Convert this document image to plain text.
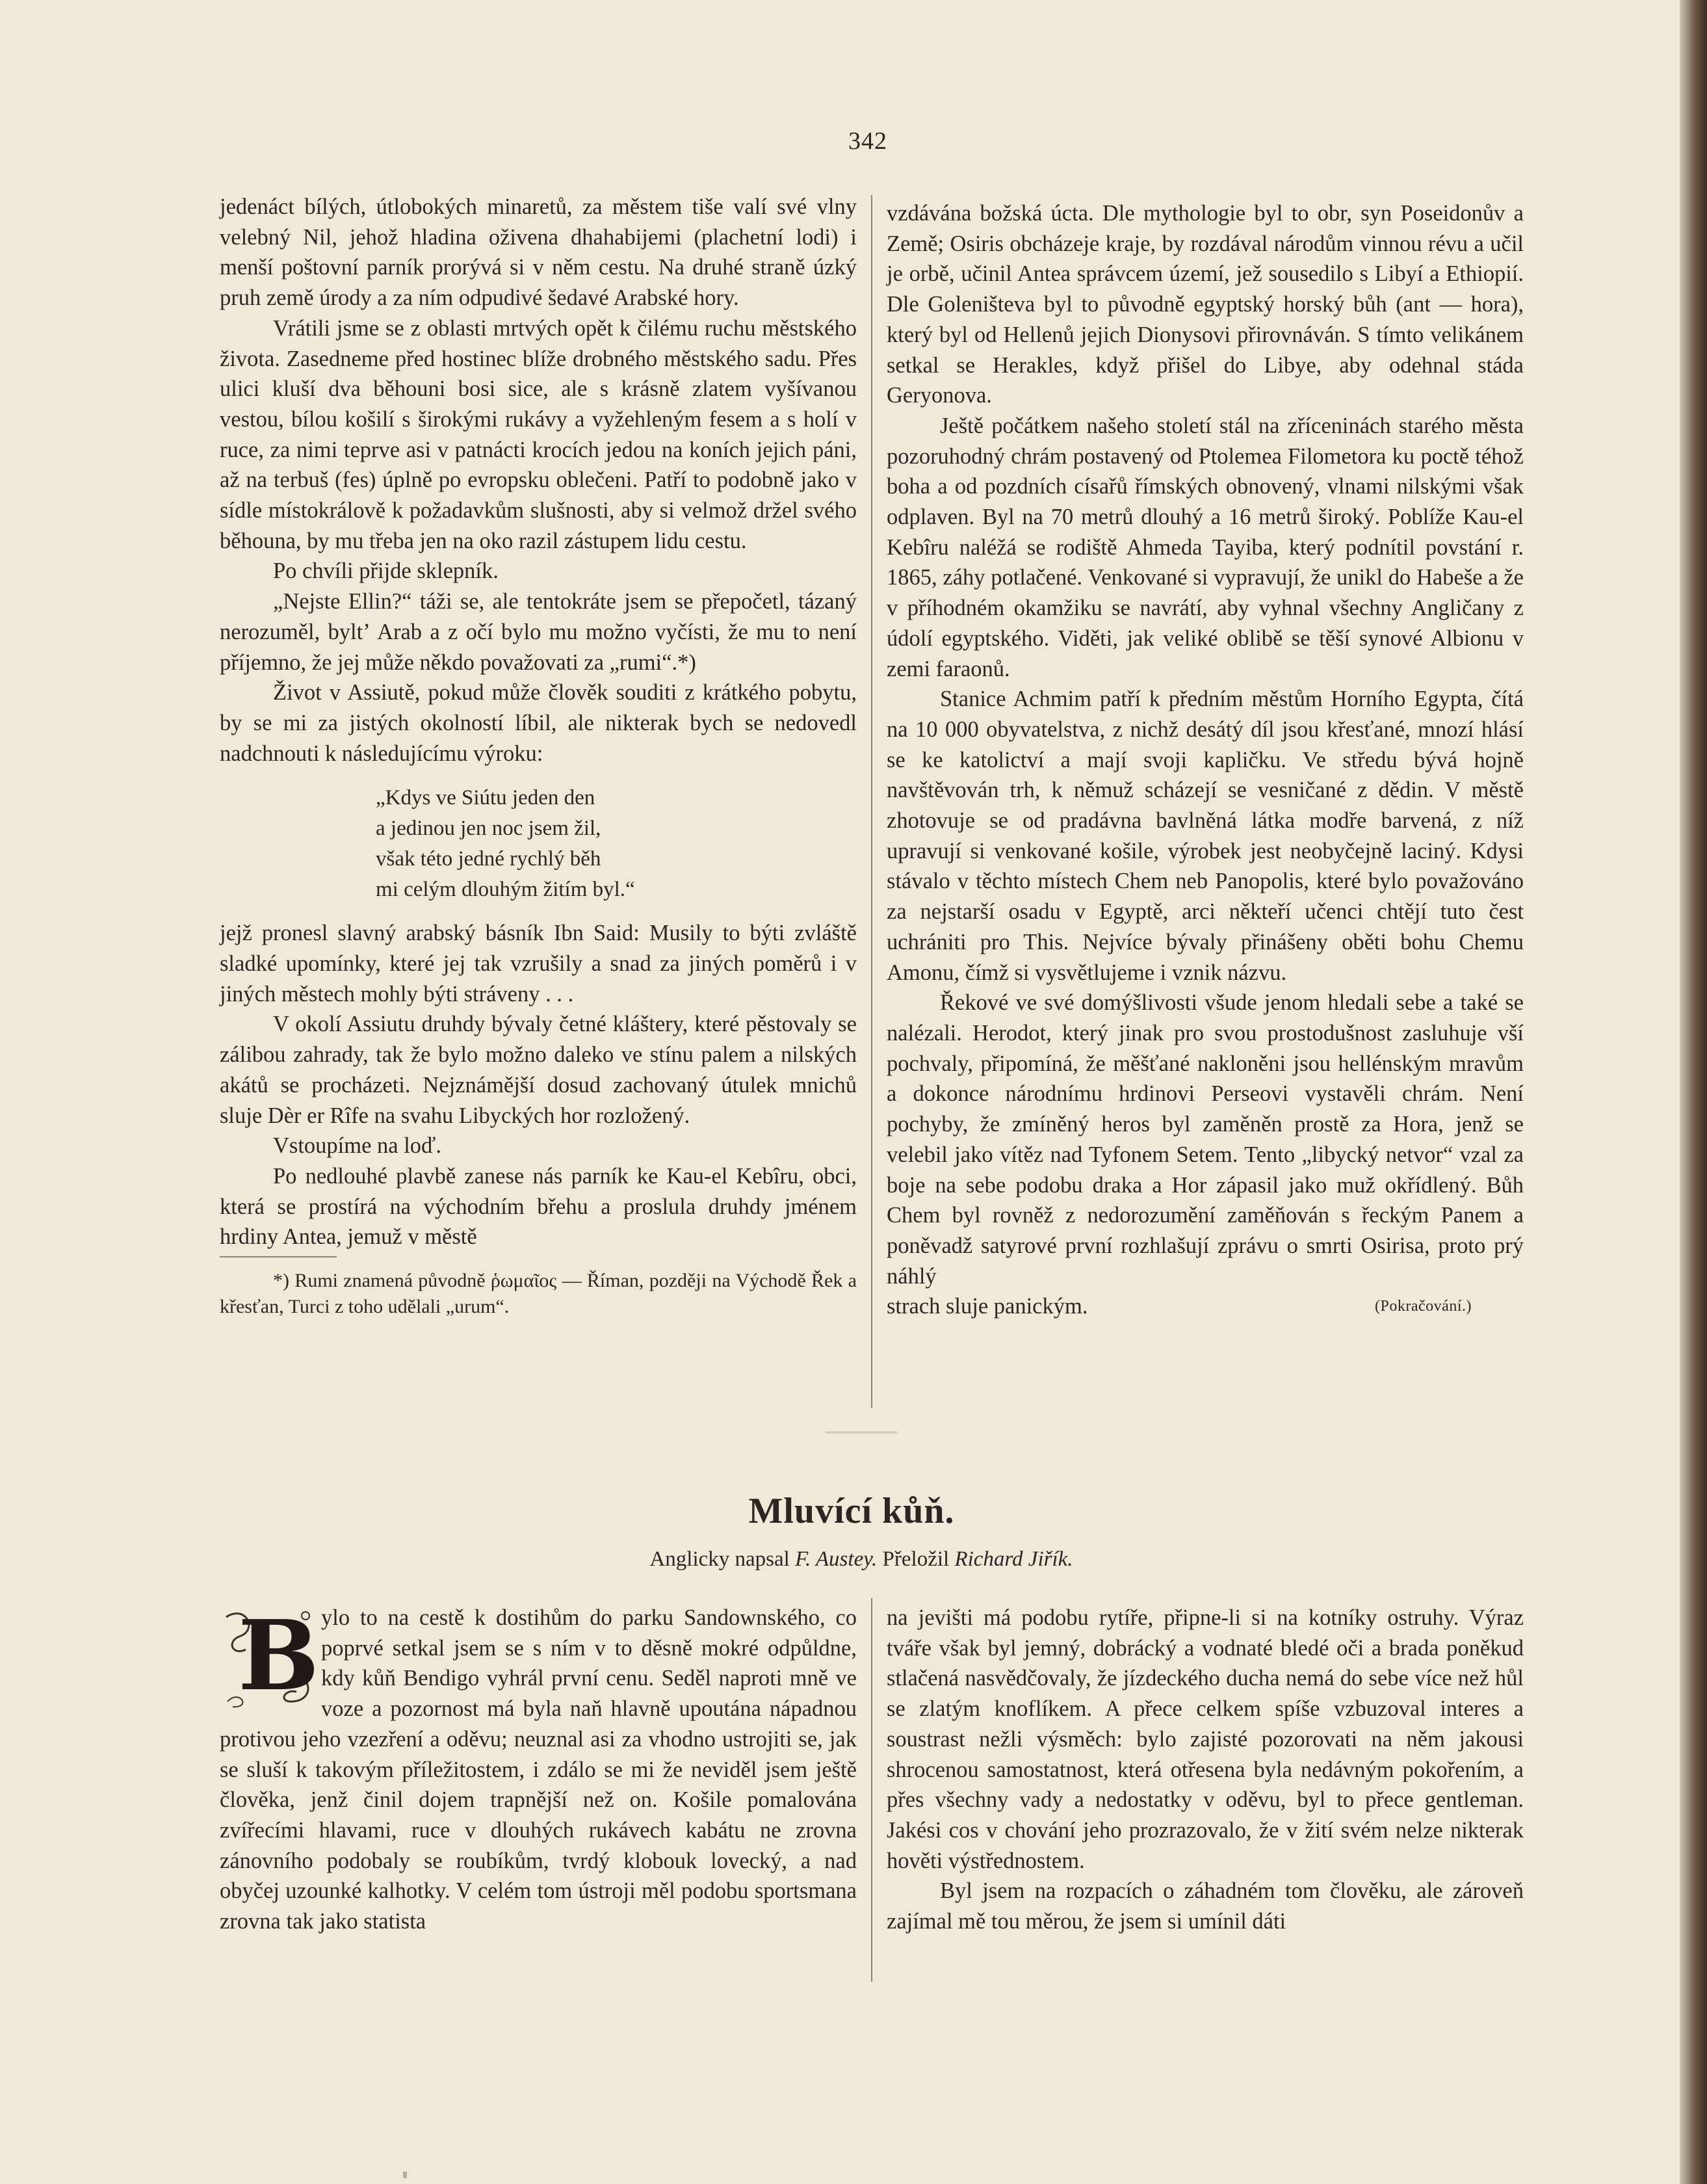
342

jedenáct bílých, útlobokých minaretů, za městem tiše valí své vlny velebný Nil, jehož hladina oživena dhahabijemi (plachetní lodi) i menší poštovní parník prorývá si v něm cestu. Na druhé straně úzký pruh země úrody a za ním odpudivé šedavé Arabské hory.

Vrátili jsme se z oblasti mrtvých opět k čilému ruchu městského života. Zasedneme před hostinec blíže drobného městského sadu. Přes ulici kluší dva běhouni bosi sice, ale s krásně zlatem vyšívanou vestou, bílou košilí s širokými rukávy a vyžehleným fesem a s holí v ruce, za nimi teprve asi v patnácti krocích jedou na koních jejich páni, až na terbuš (fes) úplně po evropsku oblečeni. Patří to podobně jako v sídle místokrálově k požadavkům slušnosti, aby si velmož držel svého běhouna, by mu třeba jen na oko razil zástupem lidu cestu.

Po chvíli přijde sklepník.

„Nejste Ellin?“ táži se, ale tentokráte jsem se přepočetl, tázaný nerozuměl, byltʼ Arab a z očí bylo mu možno vyčísti, že mu to není příjemno, že jej může někdo považovati za „rumi“.*)

Život v Assiutě, pokud může člověk souditi z krátkého pobytu, by se mi za jistých okolností líbil, ale nikterak bych se nedovedl nadchnouti k následujícímu výroku:

„Kdys ve Siútu jeden den
a jedinou jen noc jsem žil,
však této jedné rychlý běh
mi celým dlouhým žitím byl.“

jejž pronesl slavný arabský básník Ibn Said: Musily to býti zvláště sladké upomínky, které jej tak vzrušily a snad za jiných poměrů i v jiných městech mohly býti stráveny . . .

V okolí Assiutu druhdy bývaly četné kláštery, které pěstovaly se zálibou zahrady, tak že bylo možno daleko ve stínu palem a nilských akátů se procházeti. Nejznámější dosud zachovaný útulek mnichů sluje Dèr er Rîfe na svahu Libyckých hor rozložený.

Vstoupíme na loď.

Po nedlouhé plavbě zanese nás parník ke Kau-el Kebîru, obci, která se prostírá na východním břehu a proslula druhdy jménem hrdiny Antea, jemuž v městě

*) Rumi znamená původně ῥωμαῖος — Říman, později na Východě Řek a křesťan, Turci z toho udělali „urum“.

vzdávána božská úcta. Dle mythologie byl to obr, syn Poseidonův a Země; Osiris obcházeje kraje, by rozdával národům vinnou révu a učil je orbě, učinil Antea správcem území, jež sousedilo s Libyí a Ethiopií. Dle Goleništeva byl to původně egyptský horský bůh (ant — hora), který byl od Hellenů jejich Dionysovi přirovnáván. S tímto velikánem setkal se Herakles, když přišel do Libye, aby odehnal stáda Geryonova.

Ještě počátkem našeho století stál na zříceninách starého města pozoruhodný chrám postavený od Ptolemea Filometora ku poctě téhož boha a od pozdních císařů římských obnovený, vlnami nilskými však odplaven. Byl na 70 metrů dlouhý a 16 metrů široký. Poblíže Kau-el Kebîru naléžá se rodiště Ahmeda Tayiba, který podnítil povstání r. 1865, záhy potlačené. Venkované si vypravují, že unikl do Habeše a že v příhodném okamžiku se navrátí, aby vyhnal všechny Angličany z údolí egyptského. Viděti, jak veliké oblibě se těší synové Albionu v zemi faraonů.

Stanice Achmim patří k předním městům Horního Egypta, čítá na 10 000 obyvatelstva, z nichž desátý díl jsou křesťané, mnozí hlásí se ke katolictví a mají svoji kapličku. Ve středu bývá hojně navštěvován trh, k němuž scházejí se vesničané z dědin. V městě zhotovuje se od pradávna bavlněná látka modře barvená, z níž upravují si venkované košile, výrobek jest neobyčejně laciný. Kdysi stávalo v těchto místech Chem neb Panopolis, které bylo považováno za nejstarší osadu v Egyptě, arci někteří učenci chtějí tuto čest uchrániti pro This. Nejvíce bývaly přinášeny oběti bohu Chemu Amonu, čímž si vysvětlujeme i vznik názvu.

Řekové ve své domýšlivosti všude jenom hledali sebe a také se nalézali. Herodot, který jinak pro svou prostodušnost zasluhuje vší pochvaly, připomíná, že měšťané nakloněni jsou hellénským mravům a dokonce národnímu hrdinovi Perseovi vystavěli chrám. Není pochyby, že zmíněný heros byl zaměněn prostě za Hora, jenž se velebil jako vítěz nad Tyfonem Setem. Tento „libycký netvor“ vzal za boje na sebe podobu draka a Hor zápasil jako muž okřídlený. Bůh Chem byl rovněž z nedorozumění zaměňován s řeckým Panem a poněvadž satyrové první rozhlašují zprávu o smrti Osirisa, proto prý náhlý

strach sluje panickým.	(Pokračování.)
Mluvící kůň.
Anglicky napsal F. Austey. Přeložil Richard Jiřík.
B ylo to na cestě k dostihům do parku Sandownského, co poprvé setkal jsem se s ním v to děsně mokré odpůldne, kdy kůň Bendigo vyhrál první cenu. Seděl naproti mně ve voze a pozornost má byla naň hlavně upoutána nápadnou protivou jeho vzezření a oděvu; neuznal asi za vhodno ustrojiti se, jak se sluší k takovým příležitostem, i zdálo se mi že neviděl jsem ještě člověka, jenž činil dojem trapnější než on. Košile pomalována zvířecími hlavami, ruce v dlouhých rukávech kabátu ne zrovna zánovního podobaly se roubíkům, tvrdý klobouk lovecký, a nad obyčej uzounké kalhotky. V celém tom ústroji měl podobu sportsmana zrovna tak jako statista

na jevišti má podobu rytíře, připne-li si na kotníky ostruhy. Výraz tváře však byl jemný, dobrácký a vodnaté bledé oči a brada poněkud stlačená nasvědčovaly, že jízdeckého ducha nemá do sebe více než hůl se zlatým knoflíkem. A přece celkem spíše vzbuzoval interes a soustrast nežli výsměch: bylo zajisté pozorovati na něm jakousi shrocenou samostatnost, která otřesena byla nedávným pokořením, a přes všechny vady a nedostatky v oděvu, byl to přece gentleman. Jakési cos v chování jeho prozrazovalo, že v žití svém nelze nikterak hověti výstřednostem.

Byl jsem na rozpacích o záhadném tom člověku, ale zároveň zajímal mě tou měrou, že jsem si umínil dáti
